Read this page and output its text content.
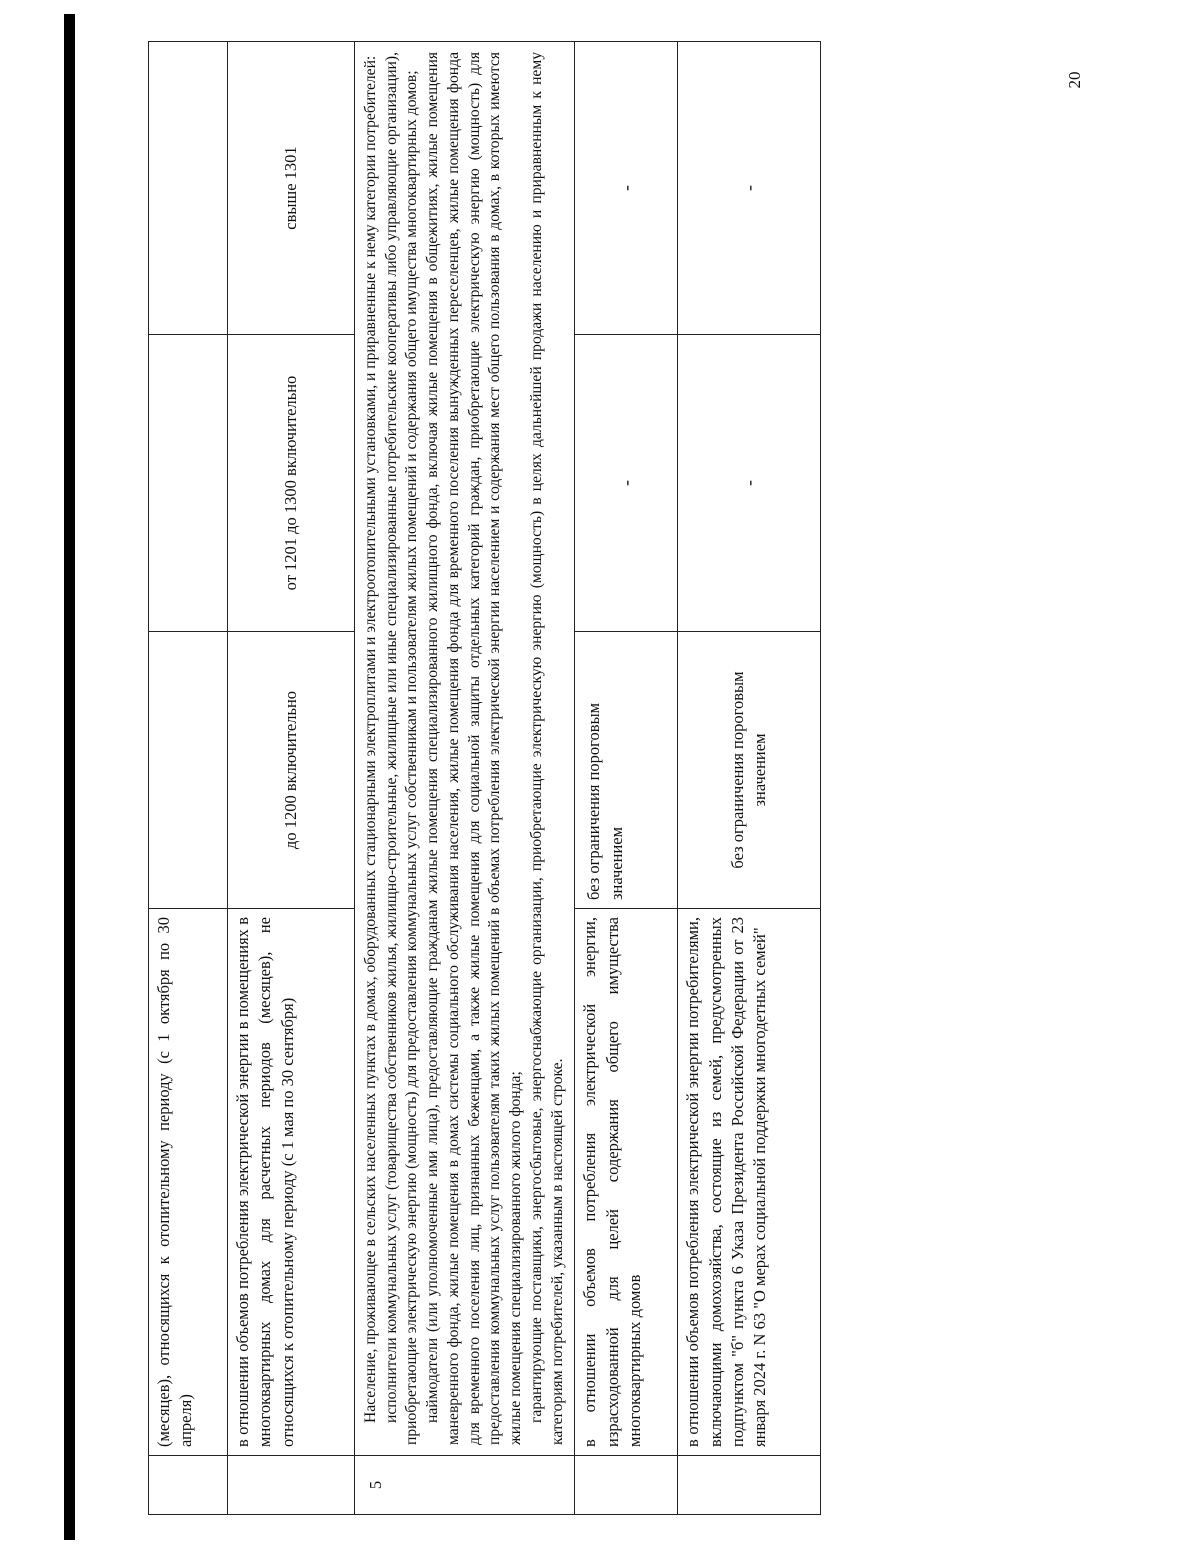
20
	(месяцев), относящихся к отопительному периоду (с 1 октября по 30 апреля)			
	в отношении объемов потребления электрической энергии в помещениях в многоквартирных домах для расчетных периодов (месяцев), не относящихся к отопительному периоду (с 1 мая по 30 сентября)	до 1200 включительно	от 1201 до 1300 включительно	свыше 1301
5	Население, проживающее в сельских населенных пунктах в домах, оборудованных стационарными электроплитами и электроотопительными установками, и приравненные к нему категории потребителей: исполнители коммунальных услуг (товарищества собственников жилья, жилищно-строительные, жилищные или иные специализированные потребительские кооперативы либо управляющие организации), приобретающие электрическую энергию (мощность) для предоставления коммунальных услуг собственникам и пользователям жилых помещений и содержания общего имущества многоквартирных домов; наймодатели (или уполномоченные ими лица), предоставляющие гражданам жилые помещения специализированного жилищного фонда, включая жилые помещения в общежитиях, жилые помещения маневренного фонда, жилые помещения в домах системы социального обслуживания населения, жилые помещения фонда для временного поселения вынужденных переселенцев, жилые помещения фонда для временного поселения лиц, признанных беженцами, а также жилые помещения для социальной защиты отдельных категорий граждан, приобретающие электрическую энергию (мощность) для предоставления коммунальных услуг пользователям таких жилых помещений в объемах потребления электрической энергии населением и содержания мест общего пользования в домах, в которых имеются жилые помещения специализированного жилого фонда; гарантирующие поставщики, энергосбытовые, энергоснабжающие организации, приобретающие электрическую энергию (мощность) в целях дальнейшей продажи населению и приравненным к нему категориям потребителей, указанным в настоящей строке.			

	в отношении объемов потребления электрической энергии, израсходованной для целей содержания общего имущества многоквартирных домов	без ограничения пороговым значением	-	-
	в отношении объемов потребления электрической энергии потребителями, включающими домохозяйства, состоящие из семей, предусмотренных подпунктом "б" пункта 6 Указа Президента Российской Федерации от 23 января 2024 г. N 63 "О мерах социальной поддержки многодетных семей"	без ограничения пороговым значением	-	-
